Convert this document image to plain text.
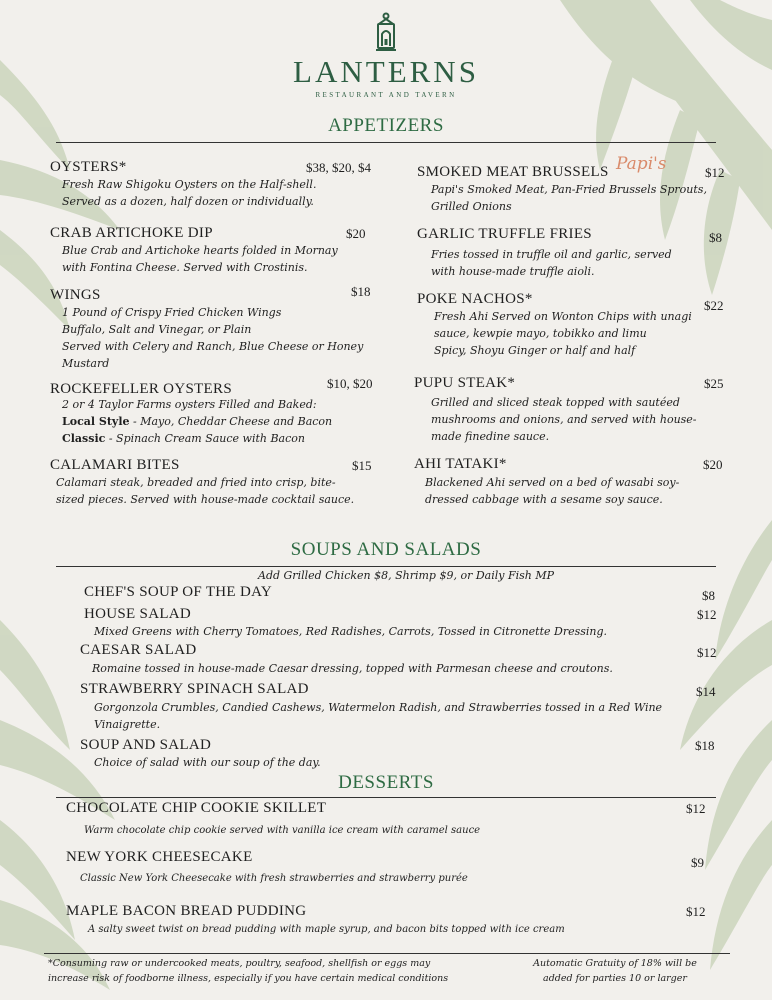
LANTERNS
RESTAURANT AND TAVERN
APPETIZERS
OYSTERS*	$38, $20, $4
Fresh Raw Shigoku Oysters on the Half-shell.
Served as a dozen, half dozen or individually.
CRAB ARTICHOKE DIP	$20
Blue Crab and Artichoke hearts folded in Mornay
with Fontina Cheese. Served with Crostinis.
WINGS	$18
1 Pound of Crispy Fried Chicken Wings
Buffalo, Salt and Vinegar, or Plain
Served with Celery and Ranch, Blue Cheese or Honey
Mustard
ROCKEFELLER OYSTERS	$10, $20
2 or 4 Taylor Farms oysters Filled and Baked:
Local Style - Mayo, Cheddar Cheese and Bacon
Classic - Spinach Cream Sauce with Bacon
CALAMARI BITES	$15
Calamari steak, breaded and fried into crisp, bite-
sized pieces. Served with house-made cocktail sauce.
Papi's
SMOKED MEAT BRUSSELS	$12
Papi's Smoked Meat, Pan-Fried Brussels Sprouts,
Grilled Onions
GARLIC TRUFFLE FRIES	$8
Fries tossed in truffle oil and garlic, served
with house-made truffle aioli.
POKE NACHOS*	$22
Fresh Ahi Served on Wonton Chips with unagi
sauce, kewpie mayo, tobikko and limu
Spicy, Shoyu Ginger or half and half
PUPU STEAK*	$25
Grilled and sliced steak topped with sautéed
mushrooms and onions, and served with house-
made finedine sauce.
AHI TATAKI*	$20
Blackened Ahi served on a bed of wasabi soy-
dressed cabbage with a sesame soy sauce.
SOUPS AND SALADS
Add Grilled Chicken $8, Shrimp $9, or Daily Fish MP
CHEF'S SOUP OF THE DAY	$8
HOUSE SALAD	$12
Mixed Greens with Cherry Tomatoes, Red Radishes, Carrots, Tossed in Citronette Dressing.
CAESAR SALAD	$12
Romaine tossed in house-made Caesar dressing, topped with Parmesan cheese and croutons.
STRAWBERRY SPINACH SALAD	$14
Gorgonzola Crumbles, Candied Cashews, Watermelon Radish, and Strawberries tossed in a Red Wine
Vinaigrette.
SOUP AND SALAD	$18
Choice of salad with our soup of the day.
DESSERTS
CHOCOLATE CHIP COOKIE SKILLET	$12
Warm chocolate chip cookie served with vanilla ice cream with caramel sauce
NEW YORK CHEESECAKE	$9
Classic New York Cheesecake with fresh strawberries and strawberry purée
MAPLE BACON BREAD PUDDING	$12
A salty sweet twist on bread pudding with maple syrup, and bacon bits topped with ice cream
*Consuming raw or undercooked meats, poultry, seafood, shellfish or eggs may
increase risk of foodborne illness, especially if you have certain medical conditions
Automatic Gratuity of 18% will be
added for parties 10 or larger
